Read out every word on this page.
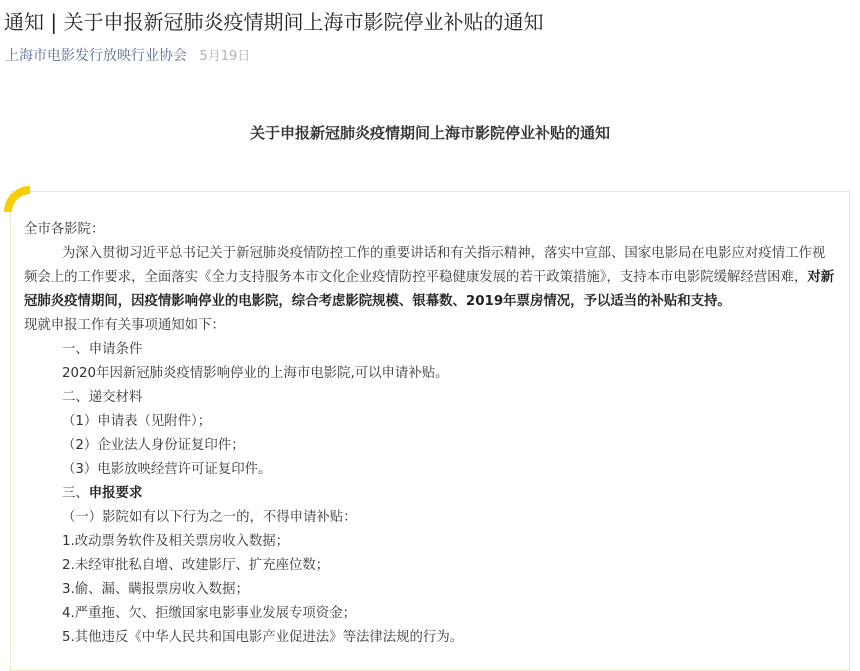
通知 | 关于申报新冠肺炎疫情期间上海市影院停业补贴的通知
上海市电影发行放映行业协会 5月19日
关于申报新冠肺炎疫情期间上海市影院停业补贴的通知

全市各影院：

为深入贯彻习近平总书记关于新冠肺炎疫情防控工作的重要讲话和有关指示精神，落实中宣部、国家电影局在电影应对疫情工作视频会上的工作要求，全面落实《全力支持服务本市文化企业疫情防控平稳健康发展的若干政策措施》，支持本市电影院缓解经营困难，对新冠肺炎疫情期间，因疫情影响停业的电影院，综合考虑影院规模、银幕数、2019年票房情况，予以适当的补贴和支持。

现就申报工作有关事项通知如下：

一、申请条件

2020年因新冠肺炎疫情影响停业的上海市电影院,可以申请补贴。

二、递交材料

（1）申请表（见附件）；

（2）企业法人身份证复印件；

（3）电影放映经营许可证复印件。

三、申报要求

（一）影院如有以下行为之一的，不得申请补贴：

1.改动票务软件及相关票房收入数据；

2.未经审批私自增、改建影厅、扩充座位数；

3.偷、漏、瞒报票房收入数据；

4.严重拖、欠、拒缴国家电影事业发展专项资金；

5.其他违反《中华人民共和国电影产业促进法》等法律法规的行为。
